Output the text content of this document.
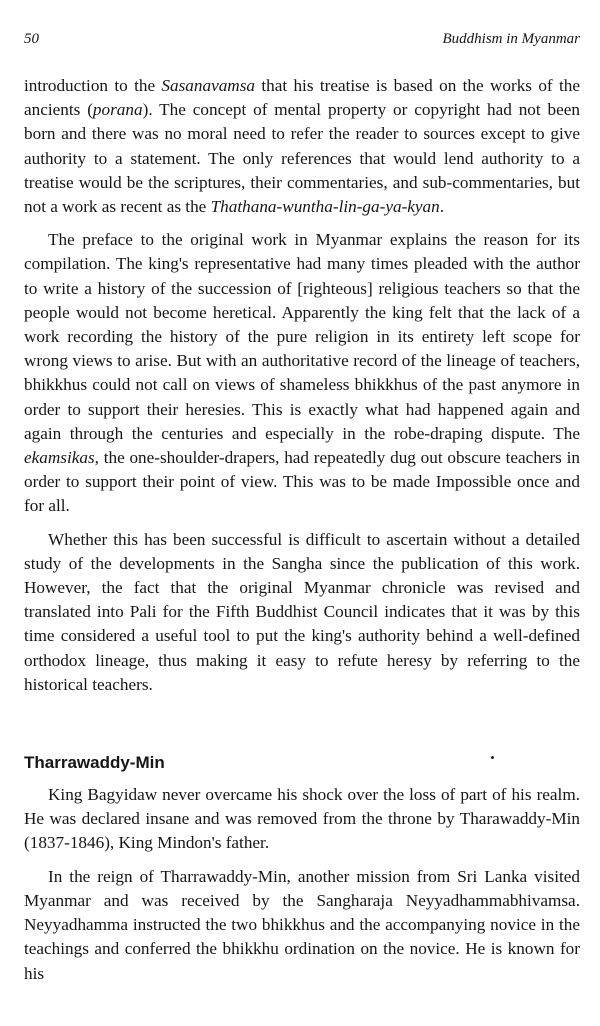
50	Buddhism in Myanmar

introduction to the Sasanavamsa that his treatise is based on the works of the ancients (porana). The concept of mental property or copyright had not been born and there was no moral need to refer the reader to sources except to give authority to a statement. The only references that would lend authority to a treatise would be the scriptures, their commentaries, and sub-commentaries, but not a work as recent as the Thathana-wuntha-lin-ga-ya-kyan.

The preface to the original work in Myanmar explains the reason for its compilation. The king's representative had many times pleaded with the author to write a history of the succession of [righteous] religious teachers so that the people would not become heretical. Apparently the king felt that the lack of a work recording the history of the pure religion in its entirety left scope for wrong views to arise. But with an authoritative record of the lineage of teachers, bhikkhus could not call on views of shameless bhikkhus of the past anymore in order to support their heresies. This is exactly what had happened again and again through the centuries and especially in the robe-draping dispute. The ekamsikas, the one-shoulder-drapers, had repeatedly dug out obscure teachers in order to support their point of view. This was to be made Impossible once and for all.

Whether this has been successful is difficult to ascertain without a detailed study of the developments in the Sangha since the publication of this work. However, the fact that the original Myanmar chronicle was revised and translated into Pali for the Fifth Buddhist Council indicates that it was by this time considered a useful tool to put the king's authority behind a well-defined orthodox lineage, thus making it easy to refute heresy by referring to the historical teachers.

Tharrawaddy-Min

King Bagyidaw never overcame his shock over the loss of part of his realm. He was declared insane and was removed from the throne by Tharawaddy-Min (1837-1846), King Mindon's father.

In the reign of Tharrawaddy-Min, another mission from Sri Lanka visited Myanmar and was received by the Sangharaja Neyyadhammabhivamsa. Neyyadhamma instructed the two bhikkhus and the accompanying novice in the teachings and conferred the bhikkhu ordination on the novice. He is known for his
